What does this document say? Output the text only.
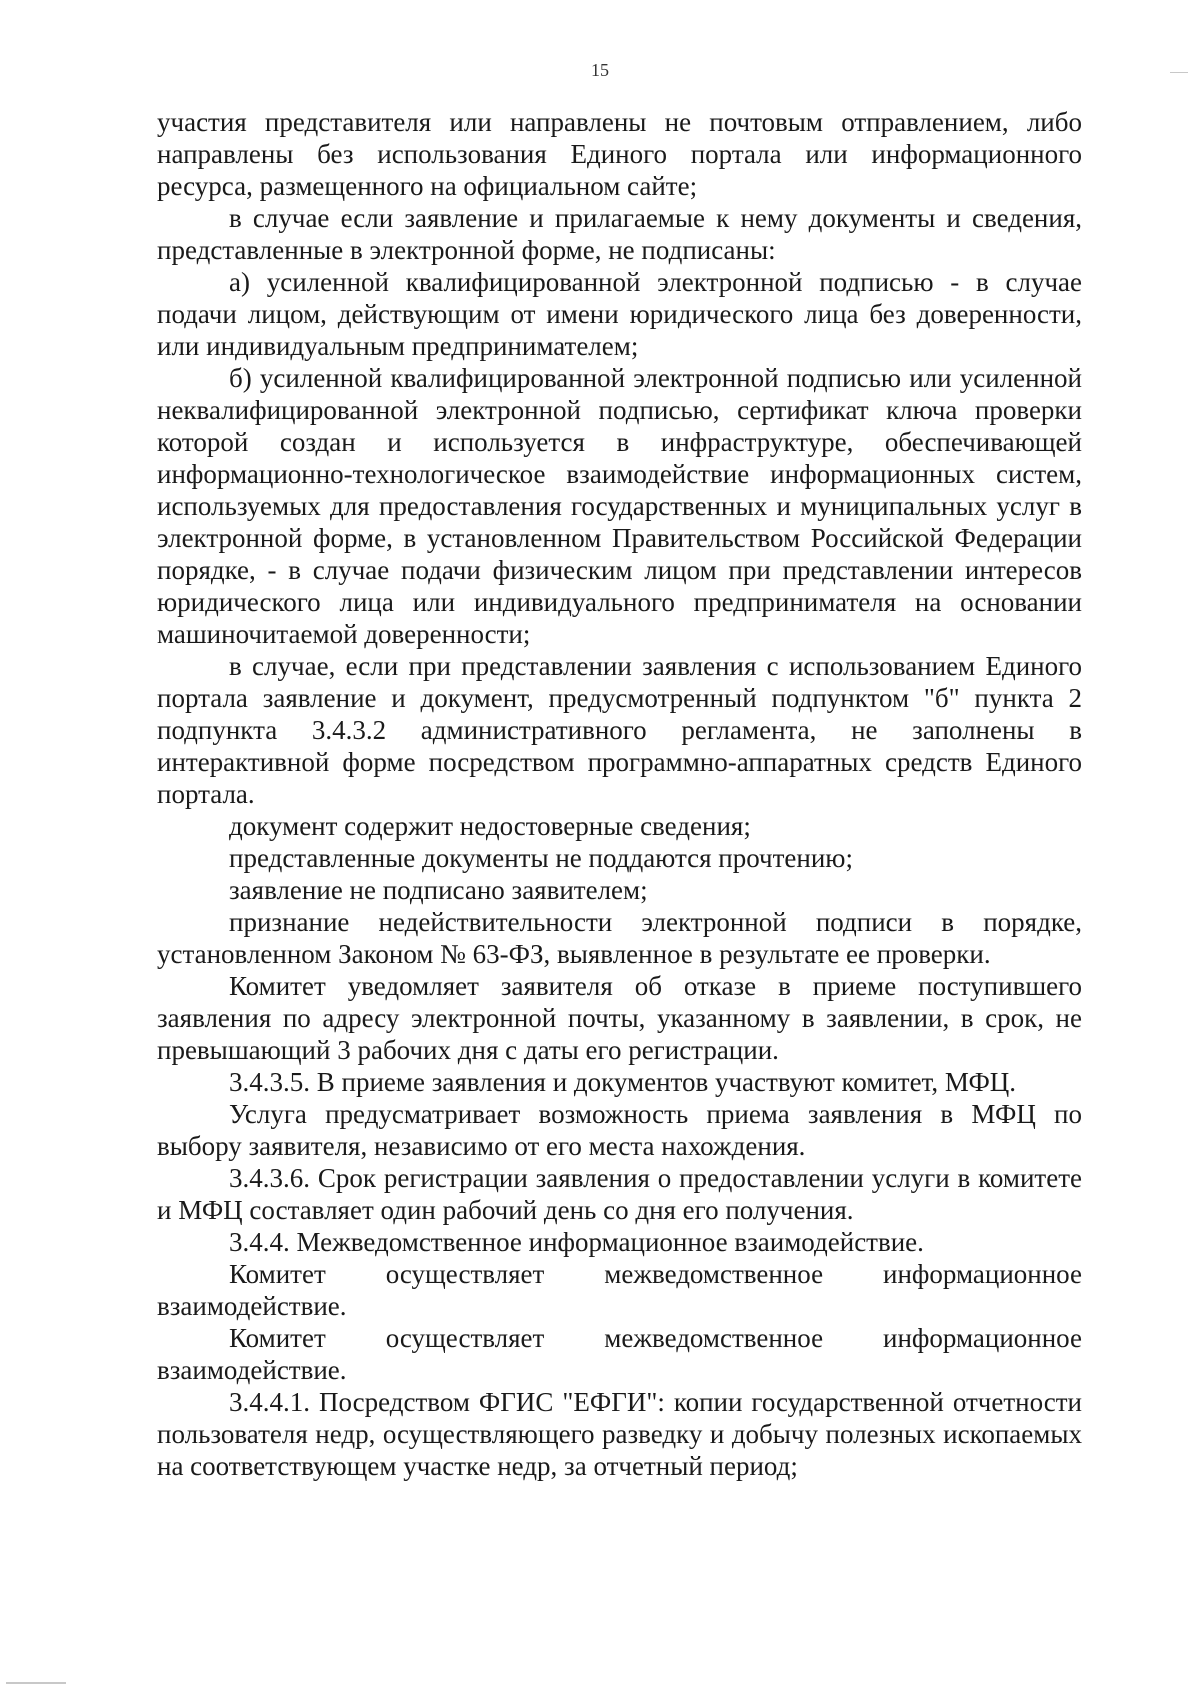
15

участия представителя или направлены не почтовым отправлением, либо направлены без использования Единого портала или информационного ресурса, размещенного на официальном сайте;

в случае если заявление и прилагаемые к нему документы и сведения, представленные в электронной форме, не подписаны:

а) усиленной квалифицированной электронной подписью - в случае подачи лицом, действующим от имени юридического лица без доверенности, или индивидуальным предпринимателем;

б) усиленной квалифицированной электронной подписью или усиленной неквалифицированной электронной подписью, сертификат ключа проверки которой создан и используется в инфраструктуре, обеспечивающей информационно-технологическое взаимодействие информационных систем, используемых для предоставления государственных и муниципальных услуг в электронной форме, в установленном Правительством Российской Федерации порядке, - в случае подачи физическим лицом при представлении интересов юридического лица или индивидуального предпринимателя на основании машиночитаемой доверенности;

в случае, если при представлении заявления с использованием Единого портала заявление и документ, предусмотренный подпунктом "б" пункта 2 подпункта 3.4.3.2 административного регламента, не заполнены в интерактивной форме посредством программно-аппаратных средств Единого портала.

документ содержит недостоверные сведения;

представленные документы не поддаются прочтению;

заявление не подписано заявителем;

признание недействительности электронной подписи в порядке, установленном Законом № 63-ФЗ, выявленное в результате ее проверки.

Комитет уведомляет заявителя об отказе в приеме поступившего заявления по адресу электронной почты, указанному в заявлении, в срок, не превышающий 3 рабочих дня с даты его регистрации.

3.4.3.5. В приеме заявления и документов участвуют комитет, МФЦ.

Услуга предусматривает возможность приема заявления в МФЦ по выбору заявителя, независимо от его места нахождения.

3.4.3.6. Срок регистрации заявления о предоставлении услуги в комитете и МФЦ составляет один рабочий день со дня его получения.

3.4.4. Межведомственное информационное взаимодействие.

Комитет осуществляет межведомственное информационное взаимодействие.

Комитет осуществляет межведомственное информационное взаимодействие.

3.4.4.1. Посредством ФГИС "ЕФГИ": копии государственной отчетности пользователя недр, осуществляющего разведку и добычу полезных ископаемых на соответствующем участке недр, за отчетный период;
